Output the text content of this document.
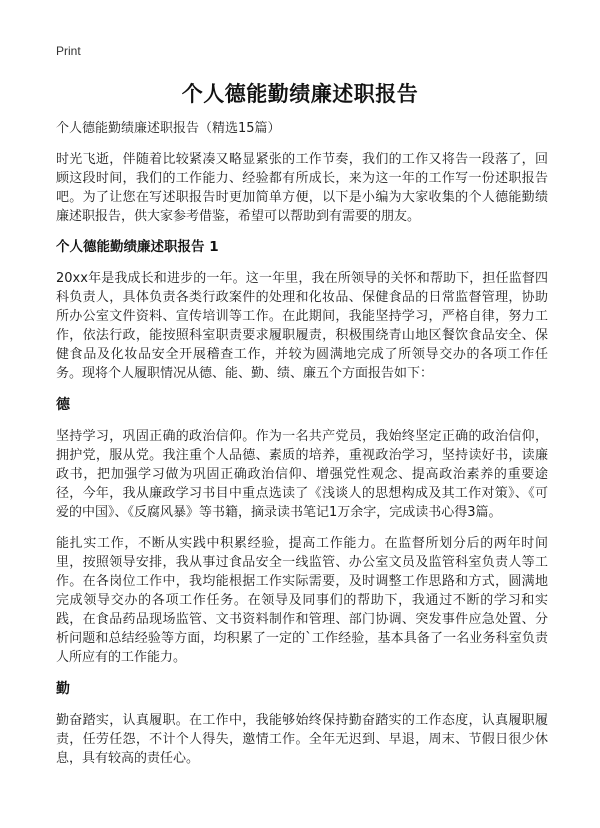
Print
个人德能勤绩廉述职报告

个人德能勤绩廉述职报告（精选15篇）

时光飞逝，伴随着比较紧凑又略显紧张的工作节奏，我们的工作又将告一段落了，回顾这段时间，我们的工作能力、经验都有所成长，来为这一年的工作写一份述职报告吧。为了让您在写述职报告时更加简单方便，以下是小编为大家收集的个人德能勤绩廉述职报告，供大家参考借鉴，希望可以帮助到有需要的朋友。

个人德能勤绩廉述职报告 1

20xx年是我成长和进步的一年。这一年里，我在所领导的关怀和帮助下，担任监督四科负责人，具体负责各类行政案件的处理和化妆品、保健食品的日常监督管理，协助所办公室文件资料、宣传培训等工作。在此期间，我能坚持学习，严格自律，努力工作，依法行政，能按照科室职责要求履职履责，积极围绕青山地区餐饮食品安全、保健食品及化妆品安全开展稽查工作，并较为圆满地完成了所领导交办的各项工作任务。现将个人履职情况从德、能、勤、绩、廉五个方面报告如下：

德

坚持学习，巩固正确的政治信仰。作为一名共产党员，我始终坚定正确的政治信仰，拥护党，服从党。我注重个人品德、素质的培养，重视政治学习，坚持读好书，读廉政书，把加强学习做为巩固正确政治信仰、增强党性观念、提高政治素养的重要途径，今年，我从廉政学习书目中重点选读了《浅谈人的思想构成及其工作对策》、《可爱的中国》、《反腐风暴》等书籍，摘录读书笔记1万余字，完成读书心得3篇。

能扎实工作，不断从实践中积累经验，提高工作能力。在监督所划分后的两年时间里，按照领导安排，我从事过食品安全一线监管、办公室文员及监管科室负责人等工作。在各岗位工作中，我均能根据工作实际需要，及时调整工作思路和方式，圆满地完成领导交办的各项工作任务。在领导及同事们的帮助下，我通过不断的学习和实践，在食品药品现场监管、文书资料制作和管理、部门协调、突发事件应急处置、分析问题和总结经验等方面，均积累了一定的`工作经验，基本具备了一名业务科室负责人所应有的工作能力。

勤

勤奋踏实，认真履职。在工作中，我能够始终保持勤奋踏实的工作态度，认真履职履责，任劳任怨，不计个人得失，邀情工作。全年无迟到、早退，周末、节假日很少休息，具有较高的责任心。
